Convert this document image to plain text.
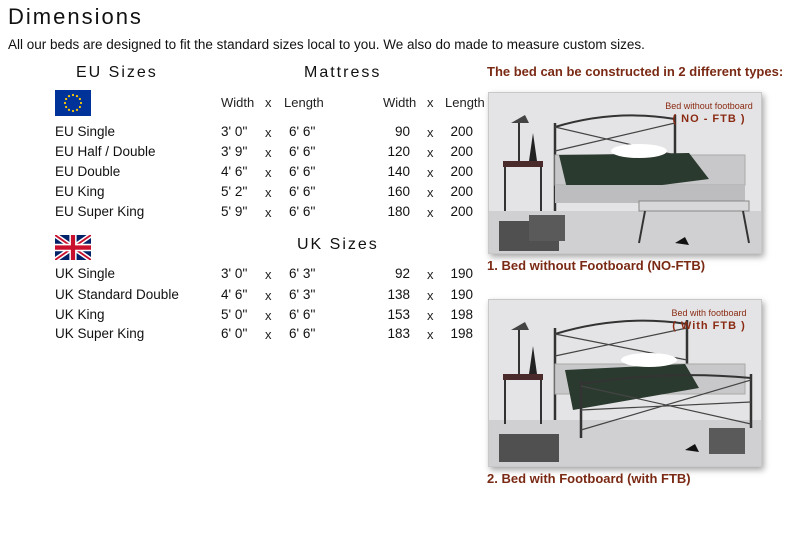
Dimensions
All our beds are designed to fit the standard sizes local to you. We also do made to measure custom sizes.
EU Sizes	Mattress
Width x Length	Width x Length
EU Single	3' 0'' x 6' 6''	90 x	200
EU Half / Double	3' 9'' x 6' 6''	120 x	200
EU Double	4' 6'' x 6' 6''	140 x	200
EU King	5' 2'' x 6' 6''	160 x	200
EU Super King	5' 9'' x 6' 6''	180 x	200
UK Sizes
UK Single	3' 0'' x 6' 3''	92 x	190
UK Standard Double	4' 6'' x 6' 3''	138 x	190
UK King	5' 0'' x 6' 6''	153 x	198
UK Super King	6' 0'' x 6' 6''	183 x	198
The bed can be constructed in 2 different types:
Bed without footboard
( NO - FTB )
1. Bed without Footboard (NO-FTB)
Bed with footboard
( With FTB )
2. Bed with Footboard (with FTB)
